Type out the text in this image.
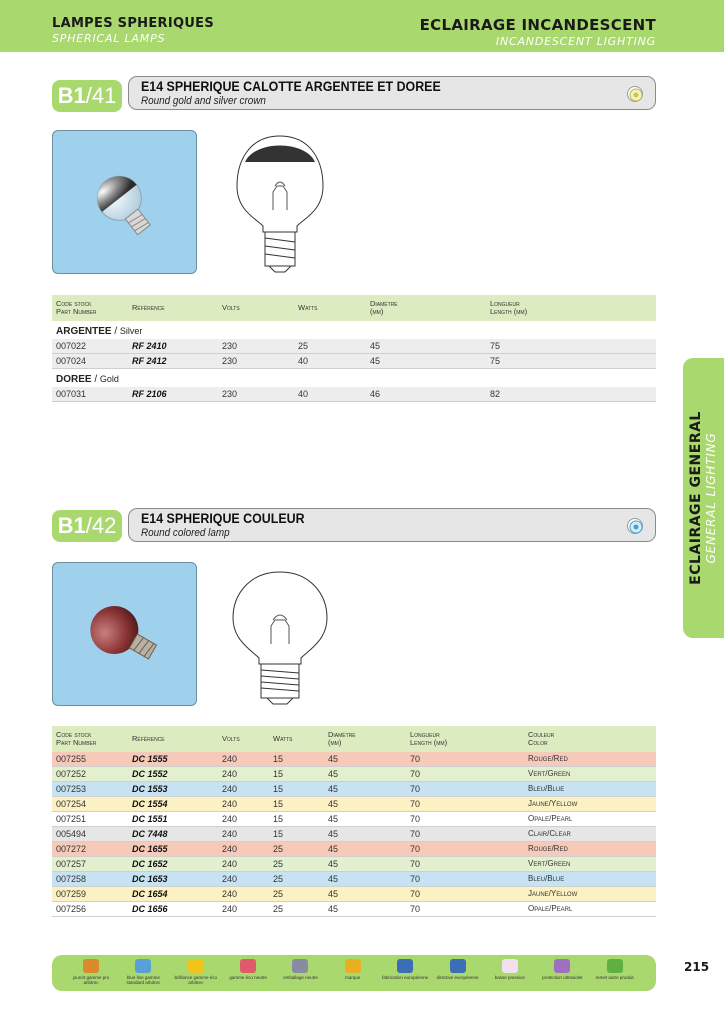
LAMPES SPHERIQUES
SPHERICAL LAMPS
ECLAIRAGE INCANDESCENT
INCANDESCENT LIGHTING
ECLAIRAGE GENERAL GENERAL LIGHTING
B1/41	E14 SPHERIQUE CALOTTE ARGENTEE ET DOREE
Round gold and silver crown
Code stock
Part Number	Référence	Volts	Watts	Diamètre
(mm)
Longueur
Length (mm)
ARGENTEE / Silver
007022	RF 2410	230	25	45	75
007024	RF 2412	230	40	45	75
DOREE / Gold
007031	RF 2106	230	40	46	82
B1/42	E14 SPHERIQUE COULEUR
Round colored lamp
Code stock
Part Number	Référence	Volts	Watts	Diamètre
(mm)
Longueur
Length (mm)
Couleur
Color
007255	DC 1555	240	15	45	70	Rouge/Red
007252	DC 1552	240	15	45	70	Vert/Green
007253	DC 1553	240	15	45	70	Bleu/Blue
007254	DC 1554	240	15	45	70	Jaune/Yellow
007251	DC 1551	240	15	45	70	Opale/Pearl
005494	DC 7448	240	15	45	70	Clair/Clear
007272	DC 1655	240	25	45	70	Rouge/Red
007257	DC 1652	240	25	45	70	Vert/Green
007258	DC 1653	240	25	45	70	Bleu/Blue
007259	DC 1654	240	25	45	70	Jaune/Yellow
007256	DC 1656	240	25	45	70	Opale/Pearl
jour/ot gamme pro arbitrec
blue line gamme standard arbitrec
brilliance gamme éco arbitrec
gamme éco neutre	emballage neutre	marque	fabrication européenne	directive européenne	basse pression	protection ultraviolet	remet autre produit
215
